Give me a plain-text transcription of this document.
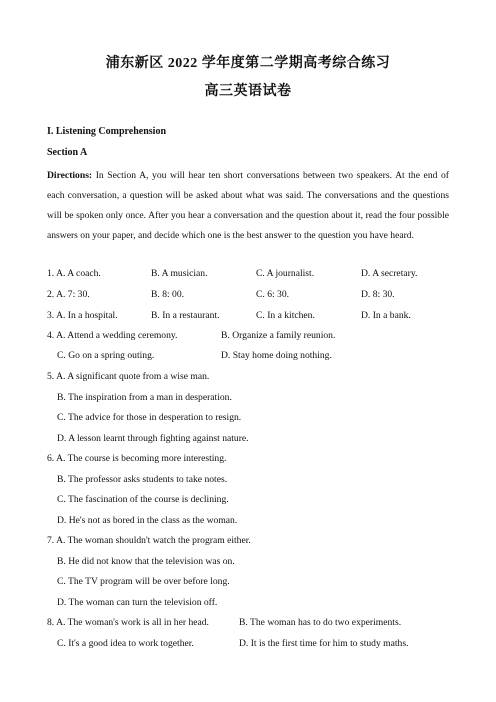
浦东新区 2022 学年度第二学期高考综合练习
高三英语试卷
I. Listening Comprehension
Section A
Directions: In Section A, you will hear ten short conversations between two speakers. At the end of each conversation, a question will be asked about what was said. The conversations and the questions will be spoken only once. After you hear a conversation and the question about it, read the four possible answers on your paper, and decide which one is the best answer to the question you have heard.
1. A. A coach.	B. A musician.	C. A journalist.	D. A secretary.
2. A. 7: 30.	B. 8: 00.	C. 6: 30.	D. 8: 30.
3. A. In a hospital.	B. In a restaurant.	C. In a kitchen.	D. In a bank.
4. A. Attend a wedding ceremony.	B. Organize a family reunion.
C. Go on a spring outing.	D. Stay home doing nothing.
5. A. A significant quote from a wise man.
B. The inspiration from a man in desperation.
C. The advice for those in desperation to resign.
D. A lesson learnt through fighting against nature.
6. A. The course is becoming more interesting.
B. The professor asks students to take notes.
C. The fascination of the course is declining.
D. He's not as bored in the class as the woman.
7. A. The woman shouldn't watch the program either.
B. He did not know that the television was on.
C. The TV program will be over before long.
D. The woman can turn the television off.
8. A. The woman's work is all in her head.	B. The woman has to do two experiments.
C. It's a good idea to work together.	D. It is the first time for him to study maths.
